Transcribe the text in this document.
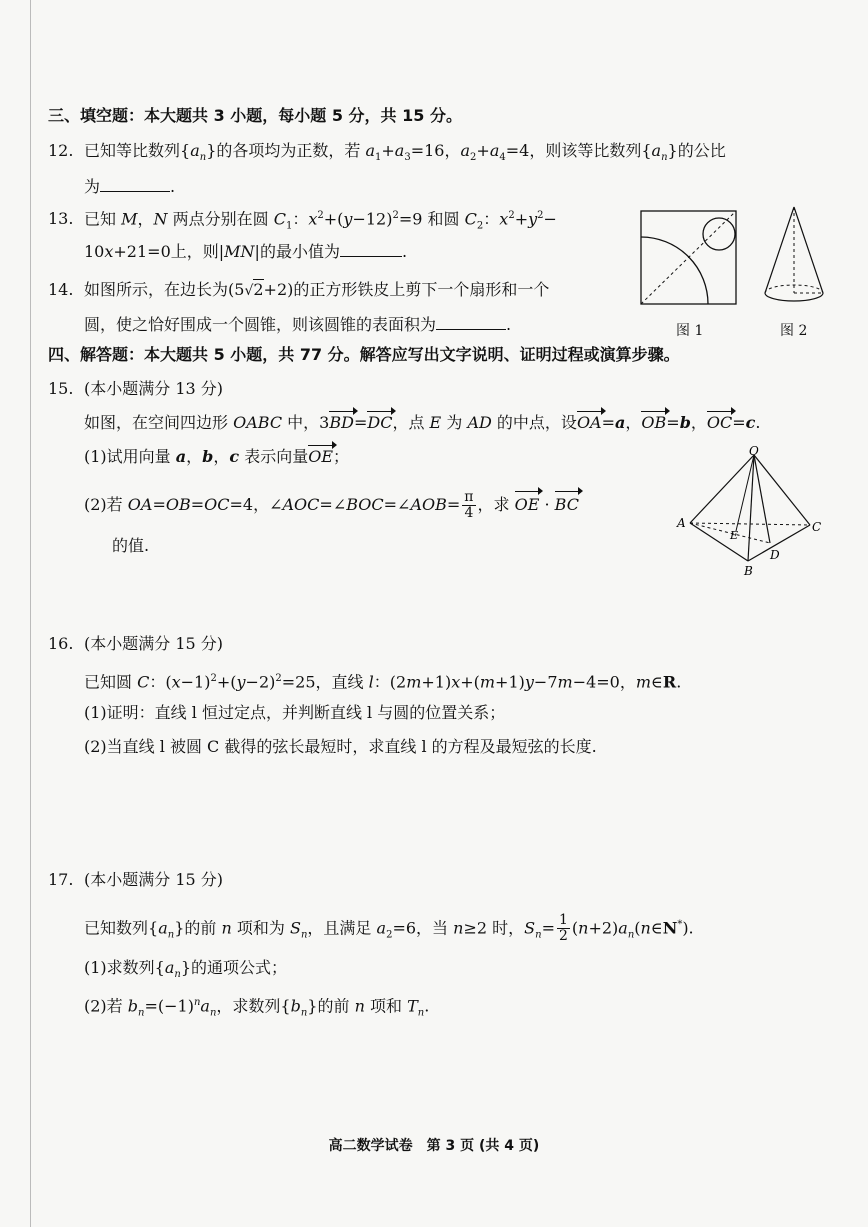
三、填空题：本大题共 3 小题，每小题 5 分，共 15 分。
12. 已知等比数列$\{a_n\}$的各项均为正数，若 $a_1+a_3=16$，$a_2+a_4=4$，则该等比数列$\{a_n\}$的公比
为	.
13. 已知 M，N 两点分别在圆 $C_1$：$x^2+(y-12)^2=9$ 和圆 $C_2$：$x^2+y^2-$
10x+21=0上，则|MN|的最小值为	.
14. 如图所示，在边长为(5√2+2)的正方形铁皮上剪下一个扇形和一个
圆，使之恰好围成一个圆锥，则该圆锥的表面积为	.	图 1	图 2
四、解答题：本大题共 5 小题，共 77 分。解答应写出文字说明、证明过程或演算步骤。
15. (本小题满分 13 分)
如图，在空间四边形 OABC 中，3BD=DC，点 E 为 AD 的中点，设OA=a，OB=b，OC=c.
(1)试用向量 a，b，c 表示向量OE；
(2)若 OA=OB=OC=4，∠AOC=∠BOC=∠AOB= $\frac{\pi}{4}$ ，求 OE · BC
的值.
O
A
B
C
D
E
16. (本小题满分 15 分)
已知圆 C：$(x-1)^2+(y-2)^2=25$，直线 l：(2m+1)x+(m+1)y−7m−4=0，m∈R.
(1)证明：直线 l 恒过定点，并判断直线 l 与圆的位置关系；
(2)当直线 l 被圆 C 截得的弦长最短时，求直线 l 的方程及最短弦的长度.
17. (本小题满分 15 分)
已知数列$\{a_n\}$的前 n 项和为 $S_n$，且满足 $a_2=6$，当 n≥2 时，$S_n= \frac{1}{2}$ $(n+2)a_n(n\in N^*)$.
(1)求数列$\{a_n\}$的通项公式；
(2)若 $b_n=(-1)^na_n$，求数列$\{b_n\}$的前 n 项和 $T_n$.
高二数学试卷　第 3 页 (共 4 页)
